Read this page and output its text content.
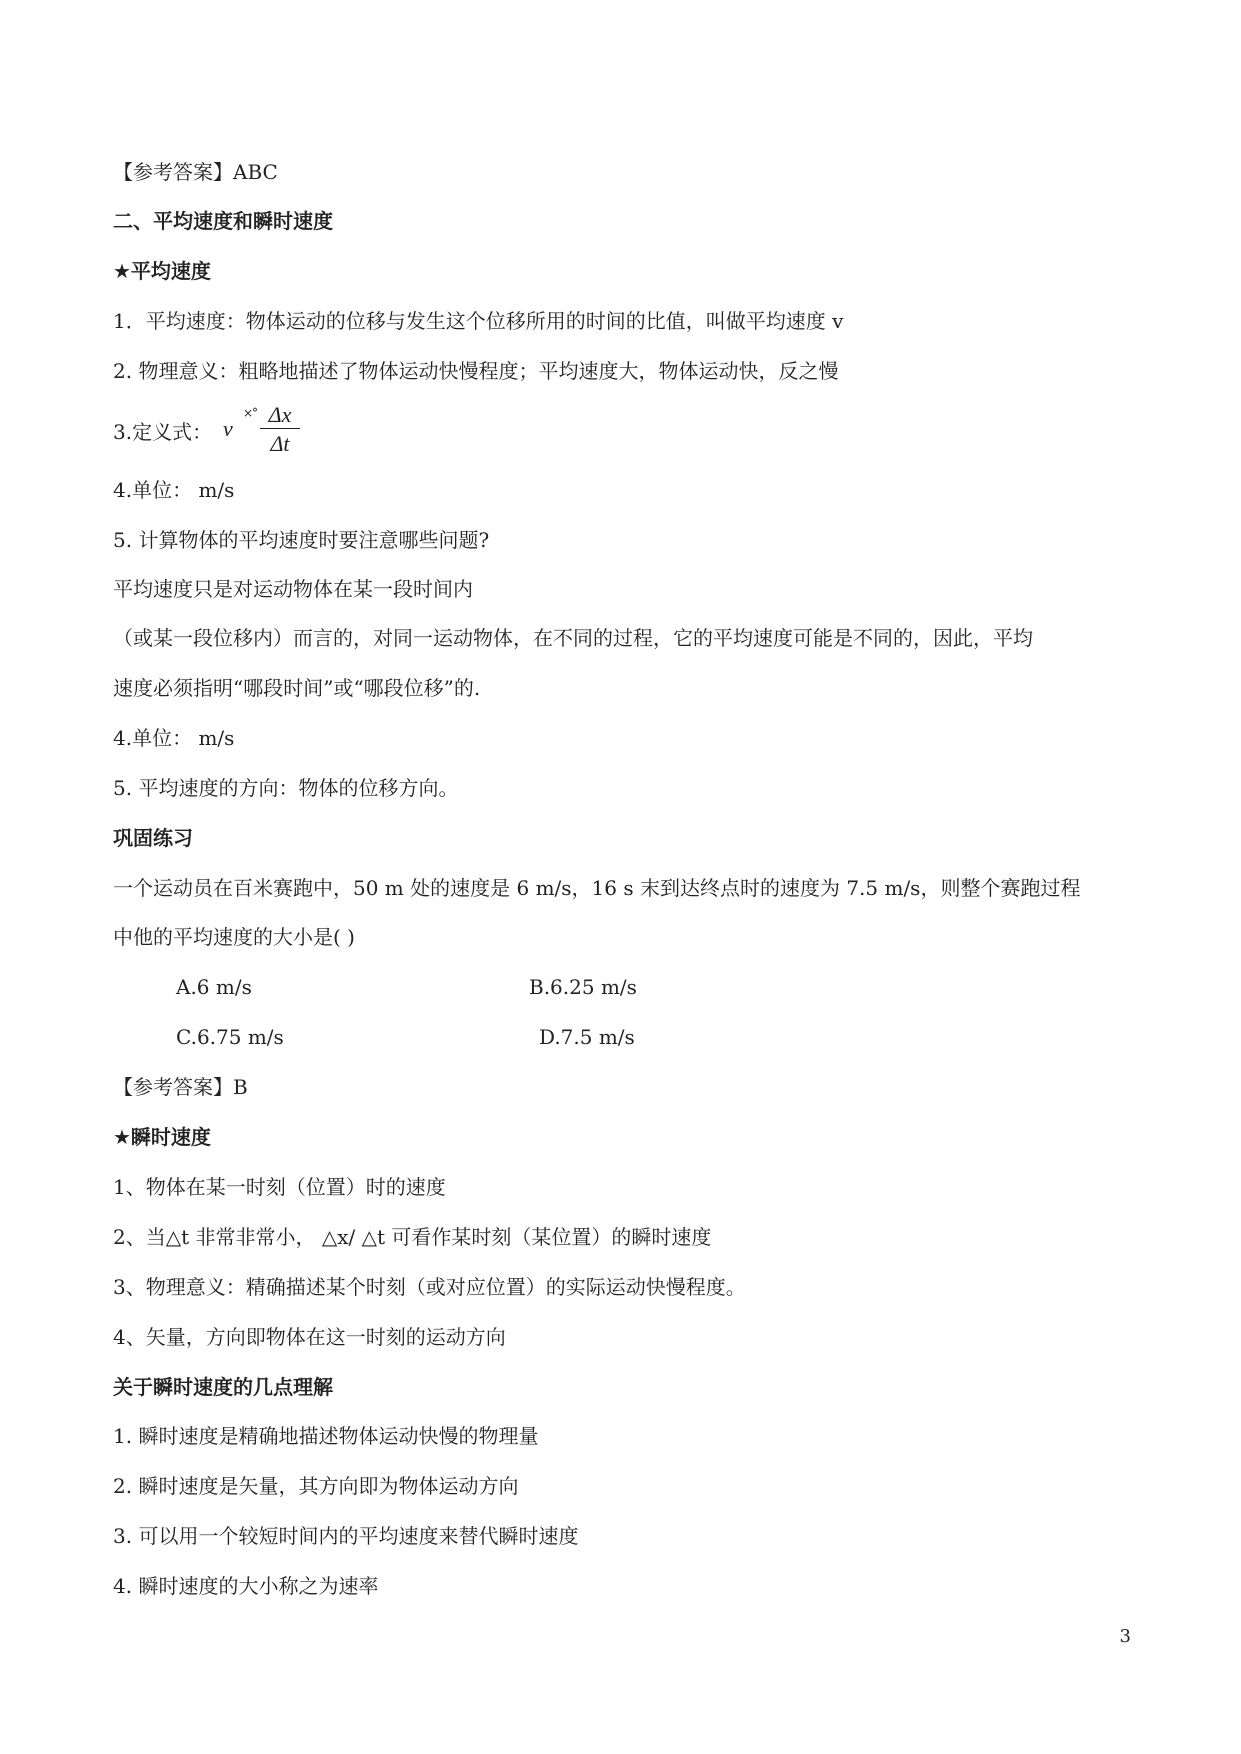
【参考答案】ABC
二、平均速度和瞬时速度
★平均速度
1．平均速度：物体运动的位移与发生这个位移所用的时间的比值，叫做平均速度 v
2. 物理意义：粗略地描述了物体运动快慢程度；平均速度大，物体运动快，反之慢
3.定义式： v
×° $\frac{\Delta x}{\Delta t}$
4.单位： m/s
5. 计算物体的平均速度时要注意哪些问题?
平均速度只是对运动物体在某一段时间内
（或某一段位移内）而言的，对同一运动物体，在不同的过程，它的平均速度可能是不同的，因此，平均
速度必须指明“哪段时间”或“哪段位移”的.
4.单位： m/s
5. 平均速度的方向：物体的位移方向。
巩固练习
一个运动员在百米赛跑中，50 m 处的速度是 6 m/s，16 s 末到达终点时的速度为 7.5 m/s，则整个赛跑过程
中他的平均速度的大小是( )
A.6 m/s	B.6.25 m/s
C.6.75 m/s	D.7.5 m/s
【参考答案】B
★瞬时速度
1、物体在某一时刻（位置）时的速度
2、当△t 非常非常小， △x/ △t 可看作某时刻（某位置）的瞬时速度
3、物理意义：精确描述某个时刻（或对应位置）的实际运动快慢程度。
4、矢量，方向即物体在这一时刻的运动方向
关于瞬时速度的几点理解
1. 瞬时速度是精确地描述物体运动快慢的物理量
2. 瞬时速度是矢量，其方向即为物体运动方向
3. 可以用一个较短时间内的平均速度来替代瞬时速度
4. 瞬时速度的大小称之为速率
3
